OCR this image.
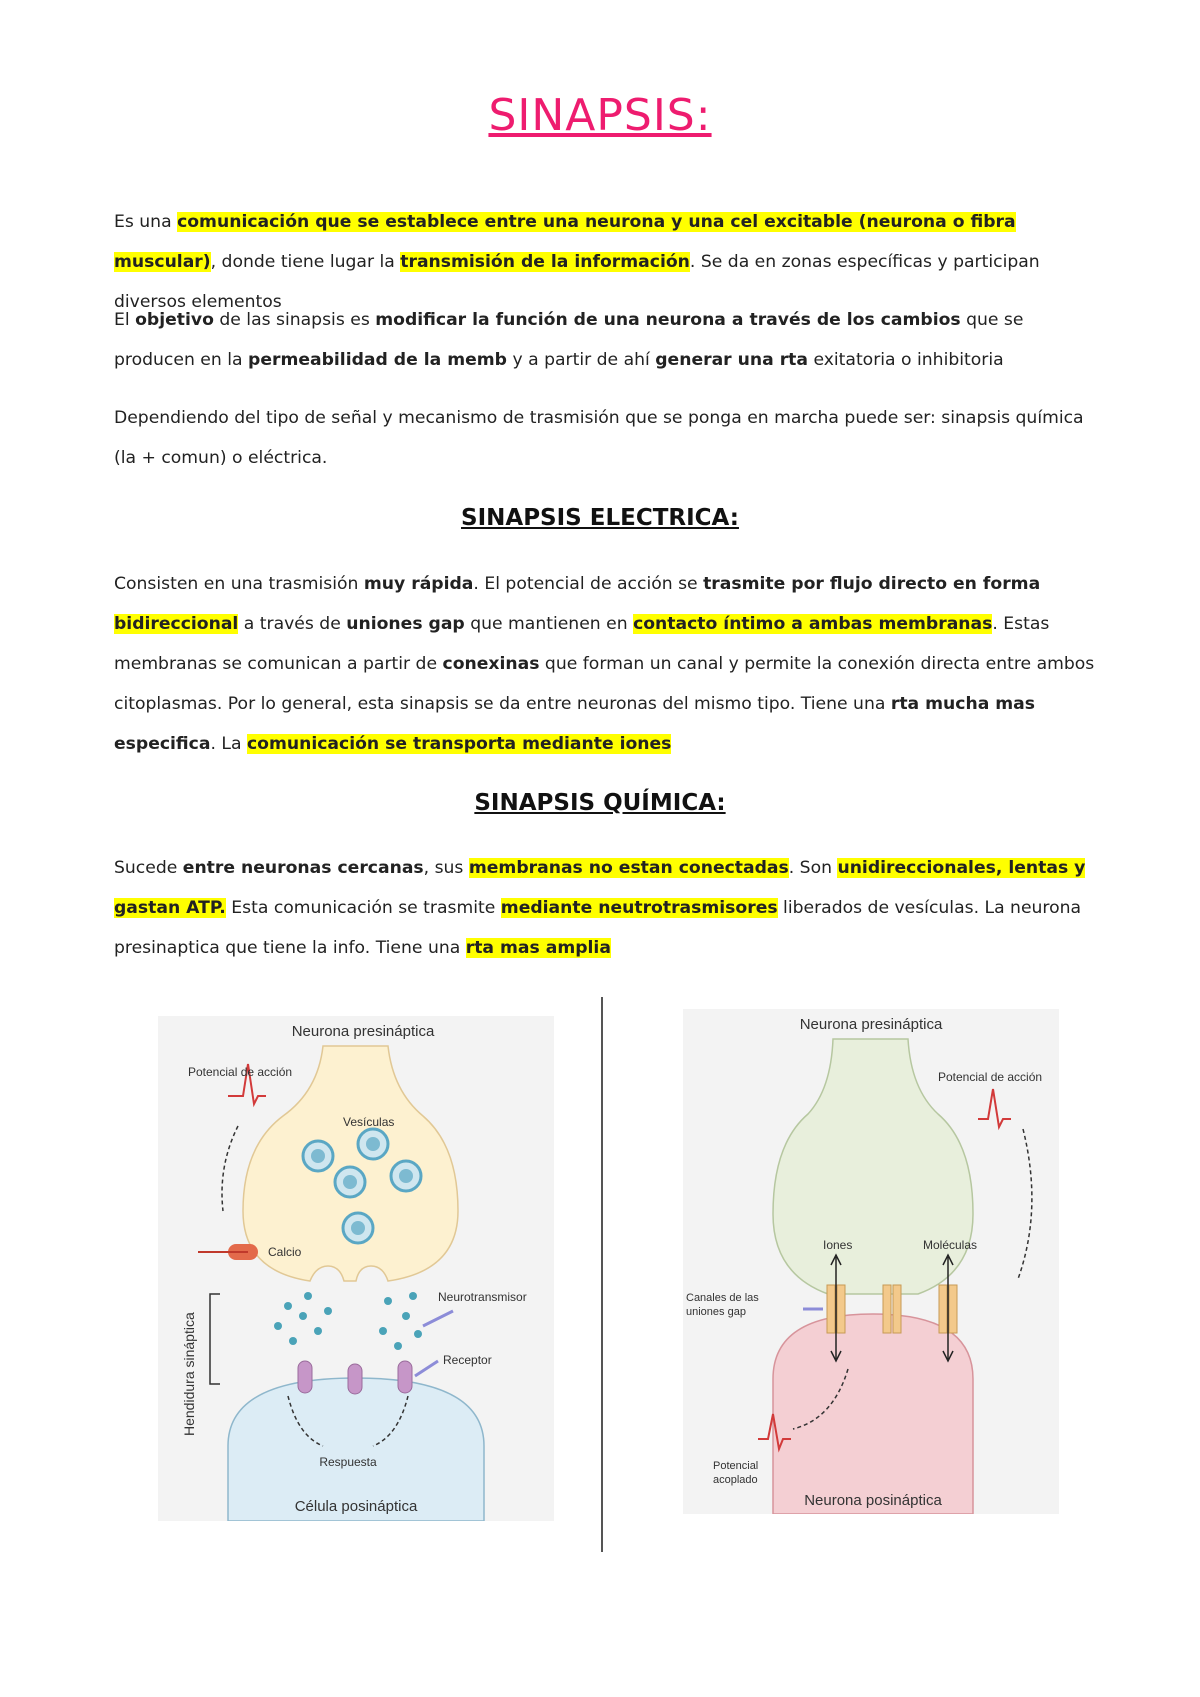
SINAPSIS:

Es una comunicación que se establece entre una neurona y una cel excitable (neurona o fibra muscular), donde tiene lugar la transmisión de la información. Se da en zonas específicas y participan diversos elementos

El objetivo de las sinapsis es modificar la función de una neurona a través de los cambios que se producen en la permeabilidad de la memb y a partir de ahí generar una rta exitatoria o inhibitoria

Dependiendo del tipo de señal y mecanismo de trasmisión que se ponga en marcha puede ser: sinapsis química (la + comun) o eléctrica.

SINAPSIS ELECTRICA:

Consisten en una trasmisión muy rápida. El potencial de acción se trasmite por flujo directo en forma bidireccional a través de uniones gap que mantienen en contacto íntimo a ambas membranas. Estas membranas se comunican a partir de conexinas que forman un canal y permite la conexión directa entre ambos citoplasmas. Por lo general, esta sinapsis se da entre neuronas del mismo tipo. Tiene una rta mucha mas especifica. La comunicación se transporta mediante iones

SINAPSIS QUÍMICA:

Sucede entre neuronas cercanas, sus membranas no estan conectadas. Son unidireccionales, lentas y gastan ATP. Esta comunicación se trasmite mediante neutrotrasmisores liberados de vesículas. La neurona presinaptica que tiene la info. Tiene una rta mas amplia

Neurona presináptica
Potencial de acción
Vesículas
Calcio
Neurotransmisor
Receptor
Hendidura sináptica
Respuesta
Célula posináptica
Neurona presináptica
Potencial de acción
Iones	Moléculas
Canales de las
uniones gap
Potencial
acoplado
Neurona posináptica
